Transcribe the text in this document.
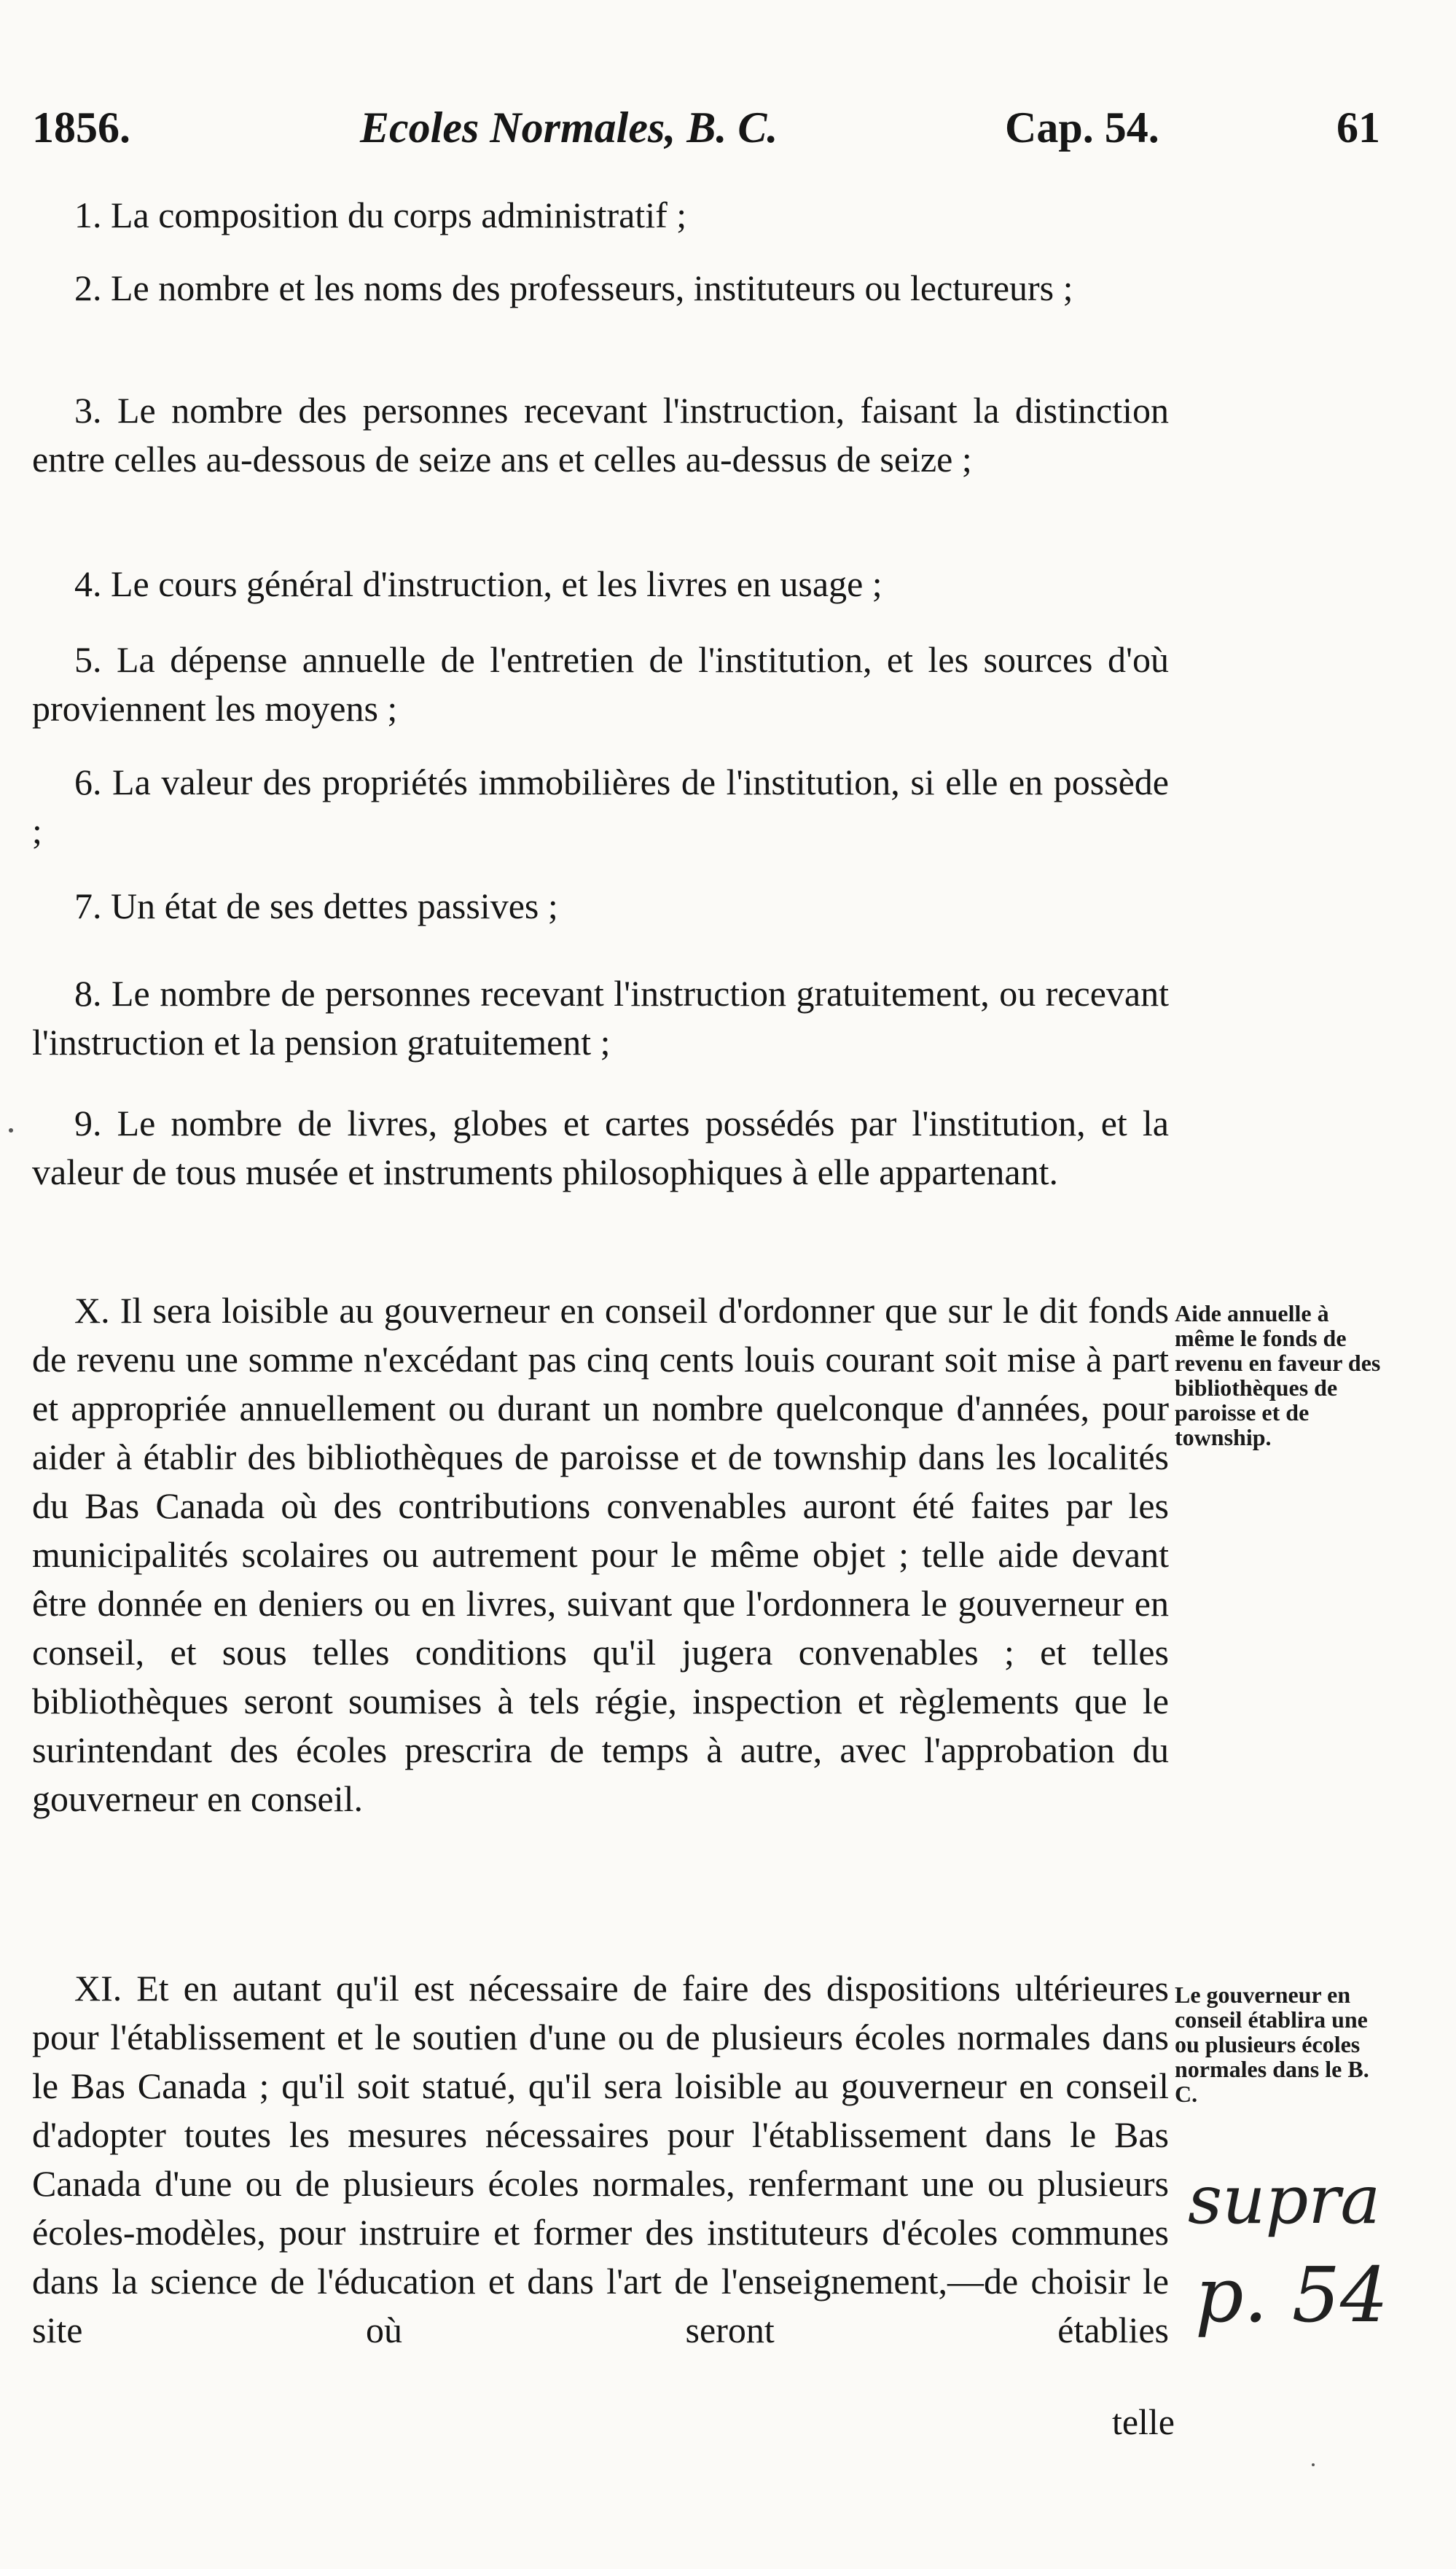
1856.	Ecoles Normales, B. C.	Cap. 54.	61
1. La composition du corps administratif ;
2. Le nombre et les noms des professeurs, instituteurs ou lectureurs ;
3. Le nombre des personnes recevant l'instruction, faisant la distinction entre celles au-dessous de seize ans et celles au-dessus de seize ;
4. Le cours général d'instruction, et les livres en usage ;
5. La dépense annuelle de l'entretien de l'institution, et les sources d'où proviennent les moyens ;
6. La valeur des propriétés immobilières de l'institution, si elle en possède ;
7. Un état de ses dettes passives ;
8. Le nombre de personnes recevant l'instruction gratuitement, ou recevant l'instruction et la pension gratuitement ;
9. Le nombre de livres, globes et cartes possédés par l'institution, et la valeur de tous musée et instruments philosophiques à elle appartenant.
X. Il sera loisible au gouverneur en conseil d'ordonner que sur le dit fonds de revenu une somme n'excédant pas cinq cents louis courant soit mise à part et appropriée annuellement ou durant un nombre quelconque d'années, pour aider à établir des bibliothèques de paroisse et de township dans les localités du Bas Canada où des contributions convenables auront été faites par les municipalités scolaires ou autrement pour le même objet ; telle aide devant être donnée en deniers ou en livres, suivant que l'ordonnera le gouverneur en conseil, et sous telles conditions qu'il jugera convenables ; et telles bibliothèques seront soumises à tels régie, inspection et règlements que le surintendant des écoles prescrira de temps à autre, avec l'approbation du gouverneur en conseil.
Aide annuelle à même le fonds de revenu en faveur des bibliothèques de paroisse et de township.
XI. Et en autant qu'il est nécessaire de faire des dispositions ultérieures pour l'établissement et le soutien d'une ou de plusieurs écoles normales dans le Bas Canada ; qu'il soit statué, qu'il sera loisible au gouverneur en conseil d'adopter toutes les mesures nécessaires pour l'établissement dans le Bas Canada d'une ou de plusieurs écoles normales, renfermant une ou plusieurs écoles-modèles, pour instruire et former des instituteurs d'écoles communes dans la science de l'éducation et dans l'art de l'enseignement,—de choisir le site où seront établies
Le gouverneur en conseil établira une ou plusieurs écoles normales dans le B. C.
telle
supra
p. 54
